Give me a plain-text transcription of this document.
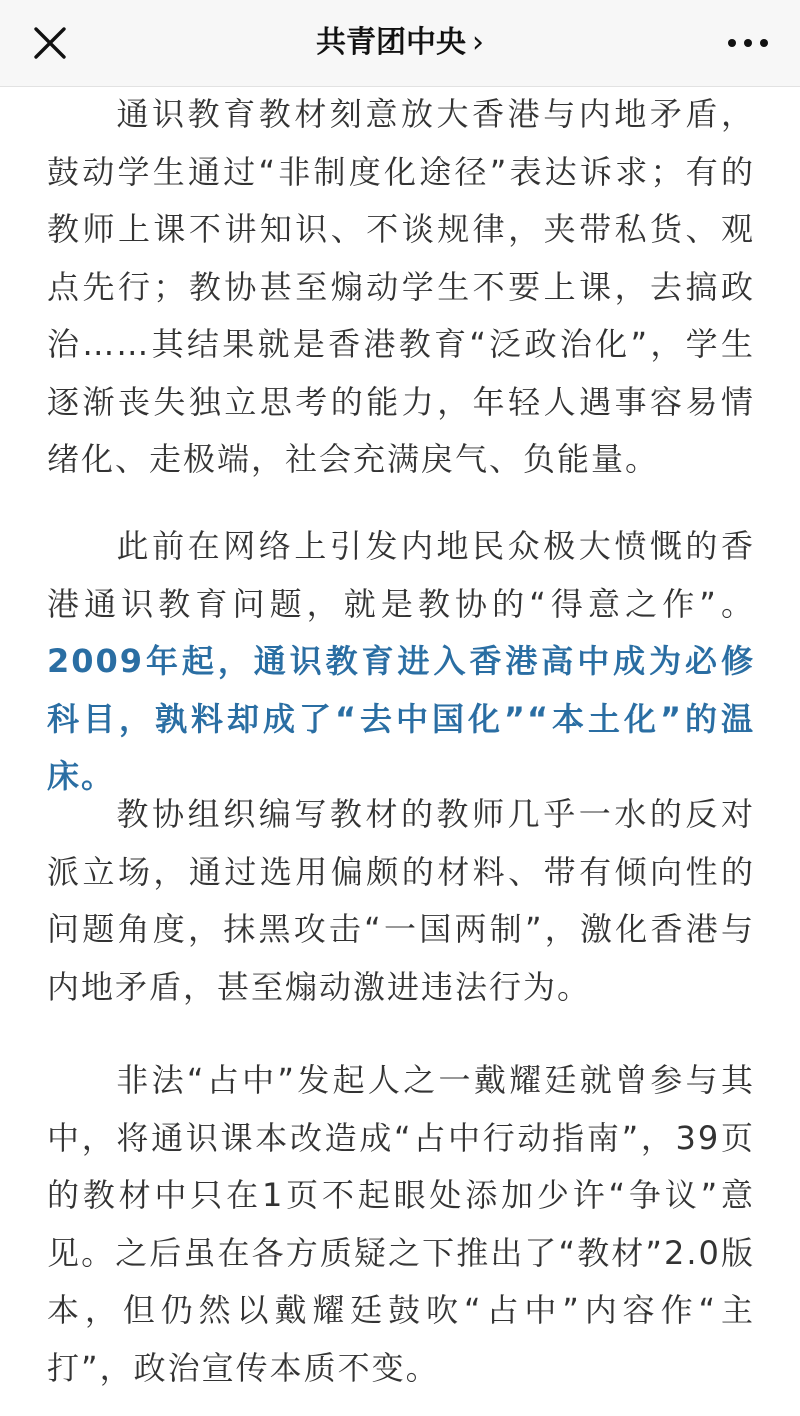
共青团中央 ›

通识教育教材刻意放大香港与内地矛盾，鼓动学生通过“非制度化途径”表达诉求；有的教师上课不讲知识、不谈规律，夹带私货、观点先行；教协甚至煽动学生不要上课，去搞政治……其结果就是香港教育“泛政治化”，学生逐渐丧失独立思考的能力，年轻人遇事容易情绪化、走极端，社会充满戾气、负能量。

此前在网络上引发内地民众极大愤慨的香港通识教育问题，就是教协的“得意之作”。2009年起，通识教育进入香港高中成为必修科目，孰料却成了“去中国化”“本土化”的温床。

教协组织编写教材的教师几乎一水的反对派立场，通过选用偏颇的材料、带有倾向性的问题角度，抹黑攻击“一国两制”，激化香港与内地矛盾，甚至煽动激进违法行为。

非法“占中”发起人之一戴耀廷就曾参与其中，将通识课本改造成“占中行动指南”，39页的教材中只在1页不起眼处添加少许“争议”意见。之后虽在各方质疑之下推出了“教材”2.0版本，但仍然以戴耀廷鼓吹“占中”内容作“主打”，政治宣传本质不变。
